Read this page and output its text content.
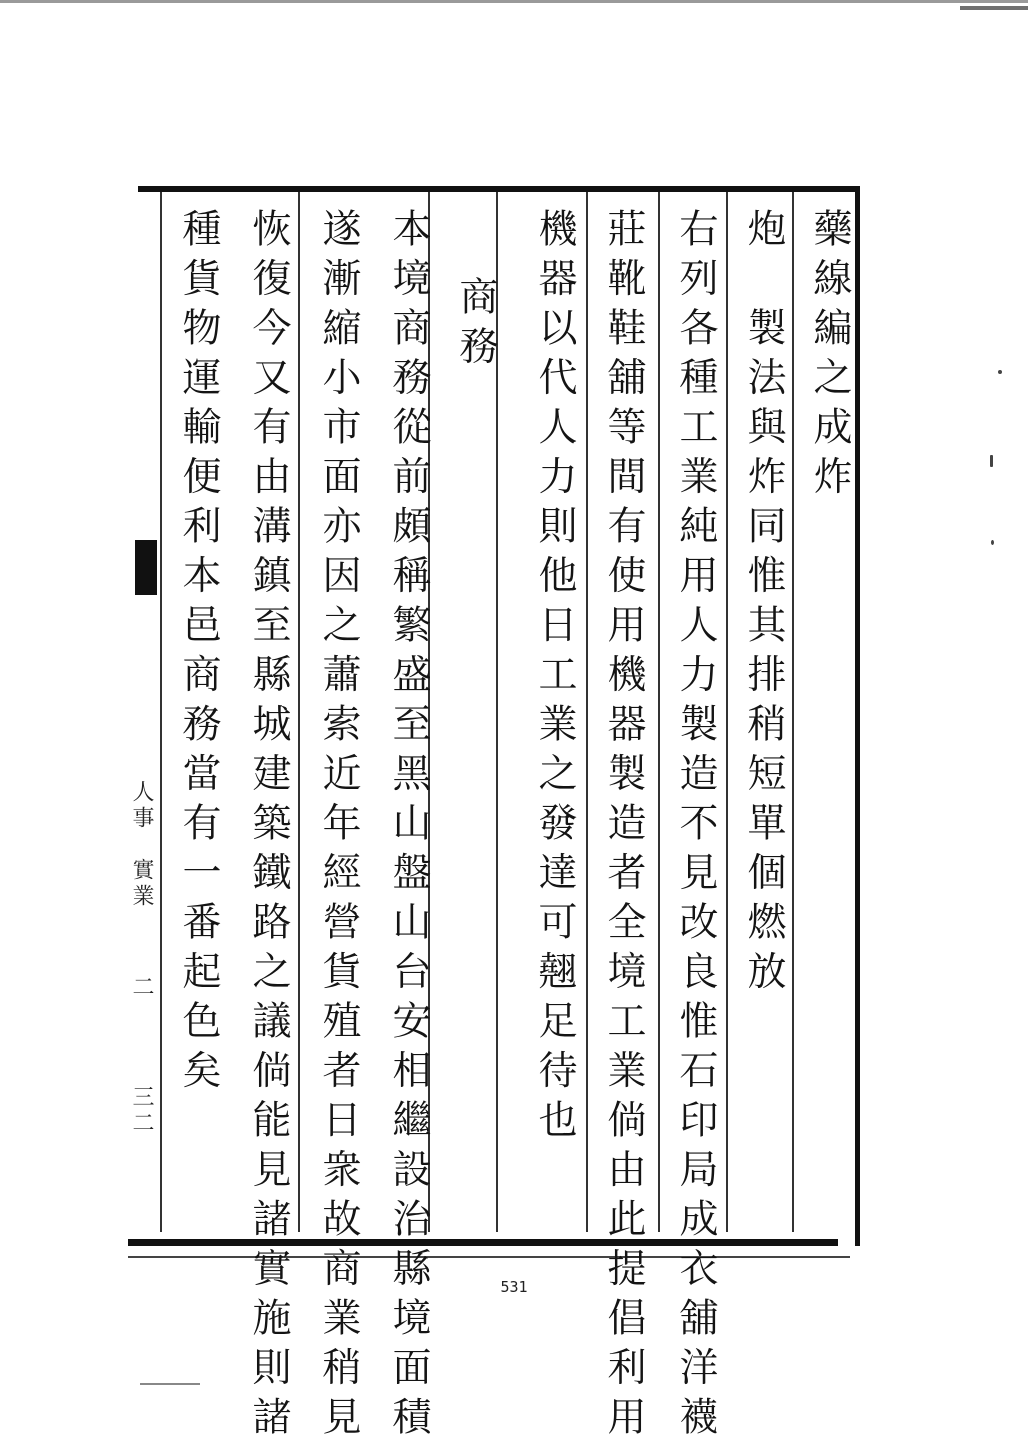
藥線編之成炸
炮　製法與炸同惟其排稍短單個燃放
右列各種工業純用人力製造不見改良惟石印局成衣舖洋襪
莊靴鞋舖等間有使用機器製造者全境工業倘由此提倡利用
機器以代人力則他日工業之發達可翹足待也
商務
本境商務從前頗稱繁盛至黑山盤山台安相繼設治縣境面積
遂漸縮小市面亦因之蕭索近年經營貨殖者日衆故商業稍見
恢復今又有由溝鎮至縣城建築鐵路之議倘能見諸實施則諸
種貨物運輸便利本邑商務當有一番起色矣
人事　實業
二
三二
531
